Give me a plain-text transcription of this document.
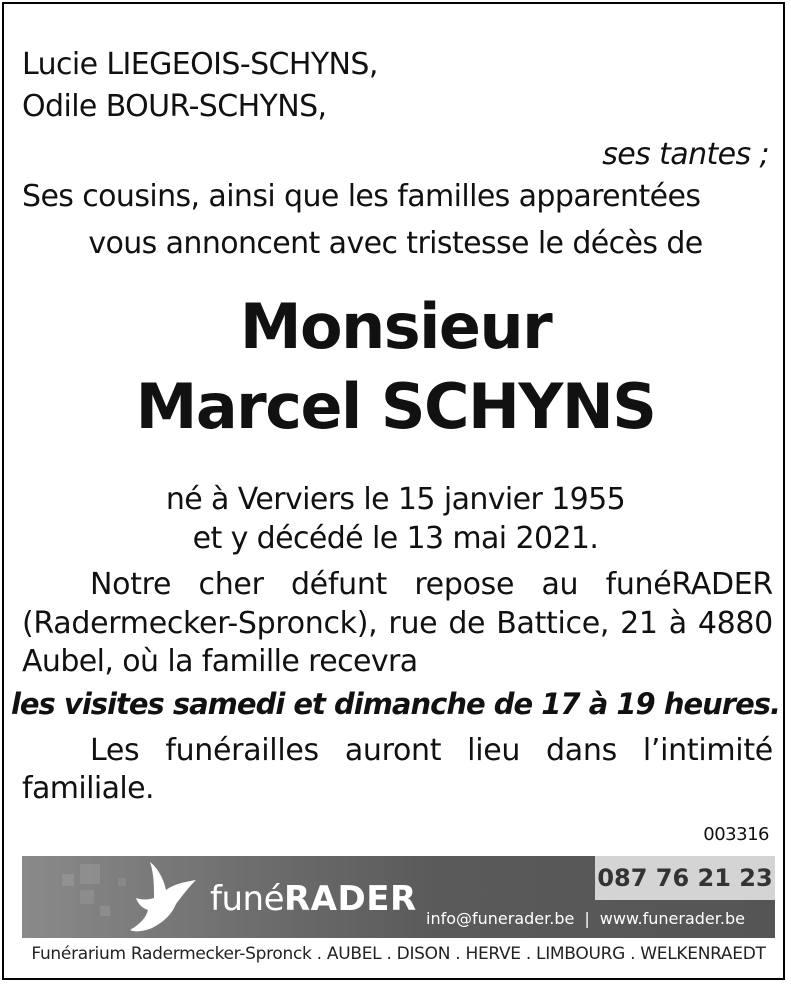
Lucie LIEGEOIS-SCHYNS,
Odile BOUR-SCHYNS,
ses tantes ;
Ses cousins, ainsi que les familles apparentées
vous annoncent avec tristesse le décès de
Monsieur
Marcel SCHYNS
né à Verviers le 15 janvier 1955
et y décédé le 13 mai 2021.
Notre cher défunt repose au funéRADER
(Radermecker-Spronck), rue de Battice, 21 à 4880
Aubel, où la famille recevra
les visites samedi et dimanche de 17 à 19 heures.
Les funérailles auront lieu dans l’intimité
familiale.
003316
funéRADER
087 76 21 23
info@funerader.be | www.funerader.be
Funérarium Radermecker-Spronck . AUBEL . DISON . HERVE . LIMBOURG . WELKENRAEDT
